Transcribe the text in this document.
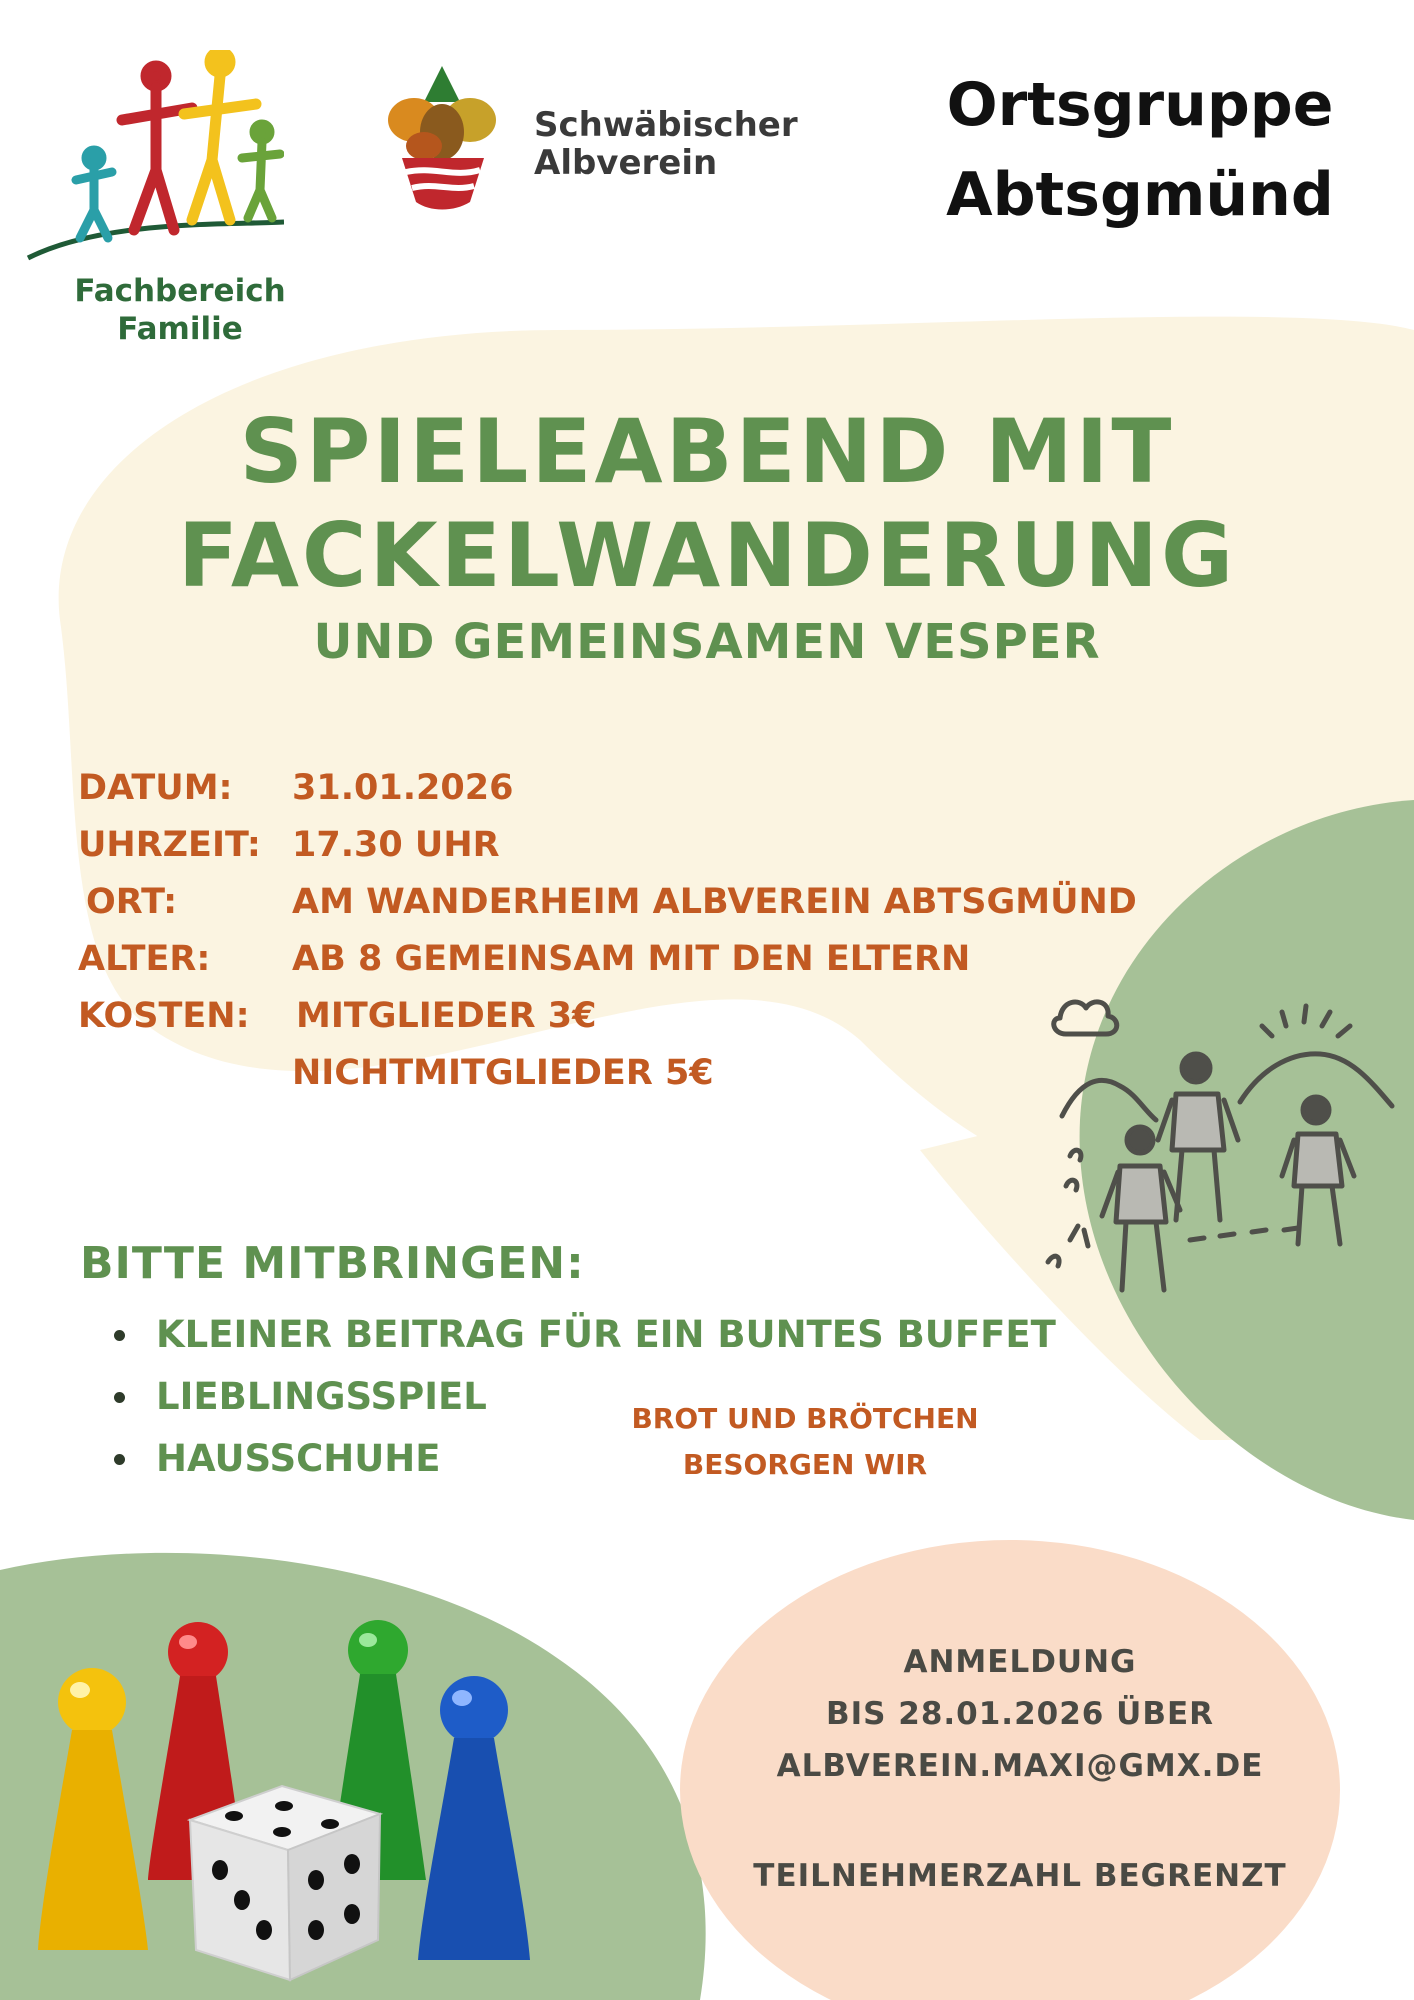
Fachbereich
Familie
Schwäbischer
Albverein
Ortsgruppe
Abtsgmünd
SPIELEABEND MIT
FACKELWANDERUNG
UND GEMEINSAMEN VESPER
DATUM: 31.01.2026
UHRZEIT: 17.30 UHR
ORT:	AM WANDERHEIM ALBVEREIN ABTSGMÜND
ALTER: AB 8 GEMEINSAM MIT DEN ELTERN
KOSTEN: MITGLIEDER 3€
NICHTMITGLIEDER 5€
BITTE MITBRINGEN:
KLEINER BEITRAG FÜR EIN BUNTES BUFFET
LIEBLINGSSPIEL
HAUSSCHUHE
BROT UND BRÖTCHEN
BESORGEN WIR
ANMELDUNG
BIS 28.01.2026 ÜBER
ALBVEREIN.MAXI@GMX.DE
TEILNEHMERZAHL BEGRENZT
